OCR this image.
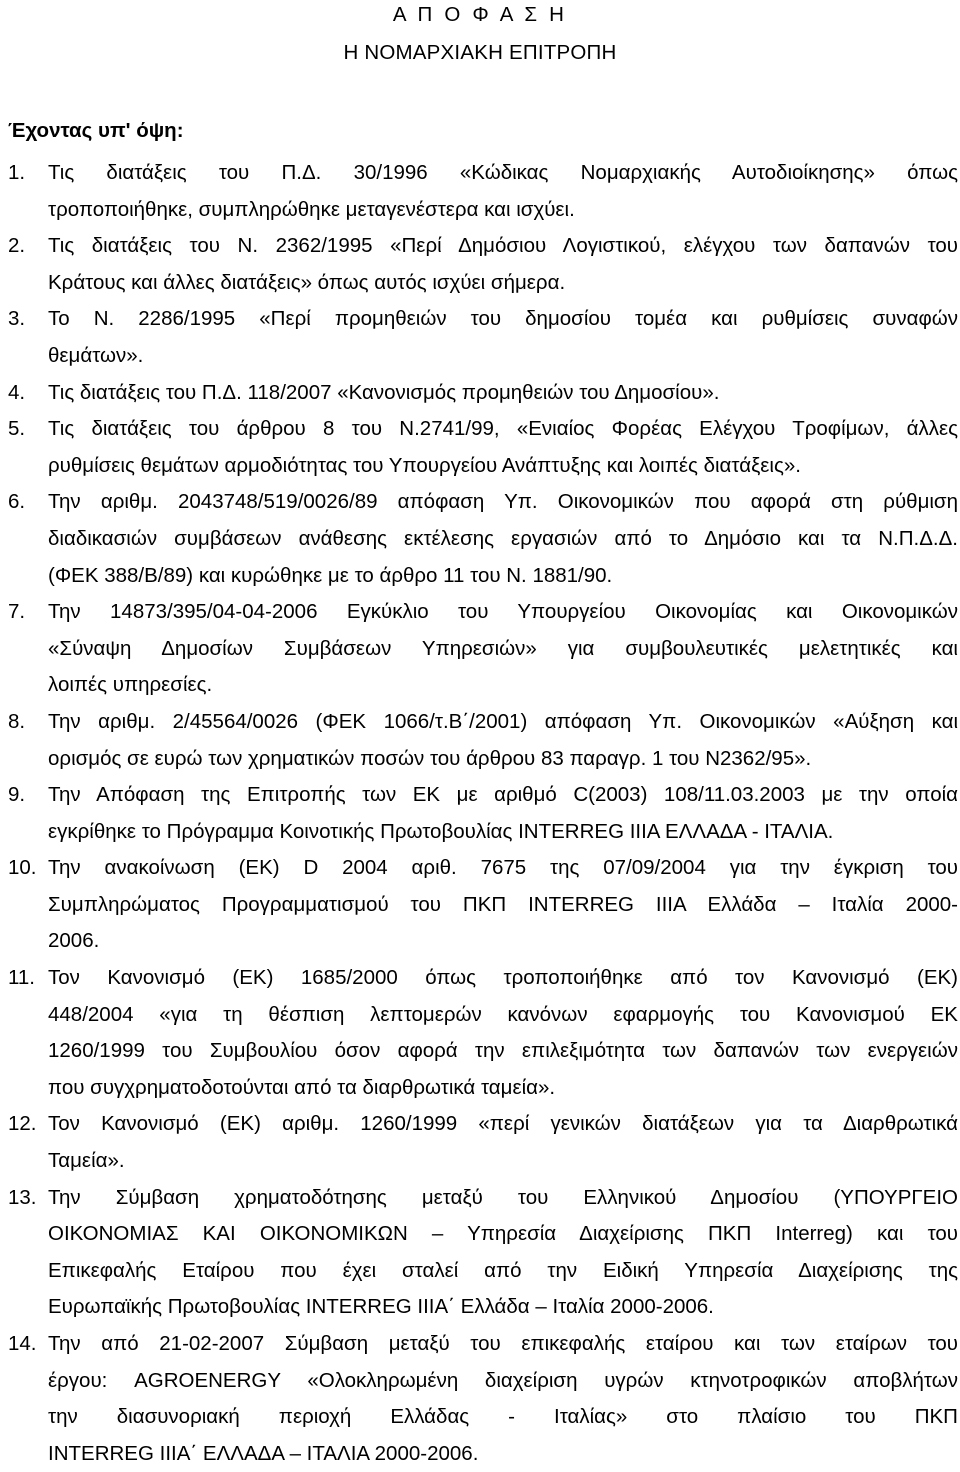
Α Π Ο Φ Α Σ Η
Η ΝΟΜΑΡΧΙΑΚΗ ΕΠΙΤΡΟΠΗ
Έχοντας υπ' όψη:
1.	Τις διατάξεις του Π.Δ. 30/1996 «Κώδικας Νομαρχιακής Αυτοδιοίκησης» όπως
τροποποιήθηκε, συμπληρώθηκε μεταγενέστερα και ισχύει.
2.	Τις διατάξεις του Ν. 2362/1995 «Περί Δημόσιου Λογιστικού, ελέγχου των δαπανών του
Κράτους και άλλες διατάξεις» όπως αυτός ισχύει σήμερα.
3.	Το Ν. 2286/1995 «Περί προμηθειών του δημοσίου τομέα και ρυθμίσεις συναφών
θεμάτων».
4.	Τις διατάξεις του Π.Δ. 118/2007 «Κανονισμός προμηθειών του Δημοσίου».
5.	Τις διατάξεις του άρθρου 8 του Ν.2741/99, «Ενιαίος Φορέας Ελέγχου Τροφίμων, άλλες
ρυθμίσεις θεμάτων αρμοδιότητας του Υπουργείου Ανάπτυξης και λοιπές διατάξεις».
6.	Την αριθμ. 2043748/519/0026/89 απόφαση Υπ. Οικονομικών που αφορά στη ρύθμιση
διαδικασιών συμβάσεων ανάθεσης εκτέλεσης εργασιών από το Δημόσιο και τα Ν.Π.Δ.Δ.
(ΦΕΚ 388/Β/89) και κυρώθηκε με το άρθρο 11 του Ν. 1881/90.
7.	Την 14873/395/04-04-2006 Εγκύκλιο του Υπουργείου Οικονομίας και Οικονομικών
«Σύναψη Δημοσίων Συμβάσεων Υπηρεσιών» για συμβουλευτικές μελετητικές και
λοιπές υπηρεσίες.
8.	Την αριθμ. 2/45564/0026 (ΦΕΚ 1066/τ.Β΄/2001) απόφαση Υπ. Οικονομικών «Αύξηση και
ορισμός σε ευρώ των χρηματικών ποσών του άρθρου 83 παραγρ. 1 του Ν2362/95».
9.	Την Απόφαση της Επιτροπής των ΕΚ με αριθμό C(2003) 108/11.03.2003 με την οποία
εγκρίθηκε το Πρόγραμμα Κοινοτικής Πρωτοβουλίας INTERREG IIIA ΕΛΛΑΔΑ - ΙΤΑΛΙΑ.
10. Την ανακοίνωση (ΕΚ) D 2004 αριθ. 7675 της 07/09/2004 για την έγκριση του
Συμπληρώματος Προγραμματισμού του ΠΚΠ INTERREG IIIA Ελλάδα – Ιταλία 2000-
2006.
11. Τον Κανονισμό (ΕΚ) 1685/2000 όπως τροποποιήθηκε από τον Κανονισμό (ΕΚ)
448/2004 «για τη θέσπιση λεπτομερών κανόνων εφαρμογής του Κανονισμού ΕΚ
1260/1999 του Συμβουλίου όσον αφορά την επιλεξιμότητα των δαπανών των ενεργειών
που συγχρηματοδοτούνται από τα διαρθρωτικά ταμεία».
12. Τον Κανονισμό (ΕΚ) αριθμ. 1260/1999 «περί γενικών διατάξεων για τα Διαρθρωτικά
Ταμεία».
13. Την Σύμβαση χρηματοδότησης μεταξύ του Ελληνικού Δημοσίου (ΥΠΟΥΡΓΕΙΟ
ΟΙΚΟΝΟΜΙΑΣ ΚΑΙ ΟΙΚΟΝΟΜΙΚΩΝ – Υπηρεσία Διαχείρισης ΠΚΠ Interreg) και του
Επικεφαλής Εταίρου που έχει σταλεί από την Ειδική Υπηρεσία Διαχείρισης της
Ευρωπαϊκής Πρωτοβουλίας INTERREG IIIA΄ Ελλάδα – Ιταλία 2000-2006.
14. Την από 21-02-2007 Σύμβαση μεταξύ του επικεφαλής εταίρου και των εταίρων του
έργου: AGROENERGY «Ολοκληρωμένη διαχείριση υγρών κτηνοτροφικών αποβλήτων
την διασυνοριακή περιοχή Ελλάδας - Ιταλίας» στο πλαίσιο του ΠΚΠ
INTERREG IIIA΄ ΕΛΛΑΔΑ – ΙΤΑΛΙΑ 2000-2006.
